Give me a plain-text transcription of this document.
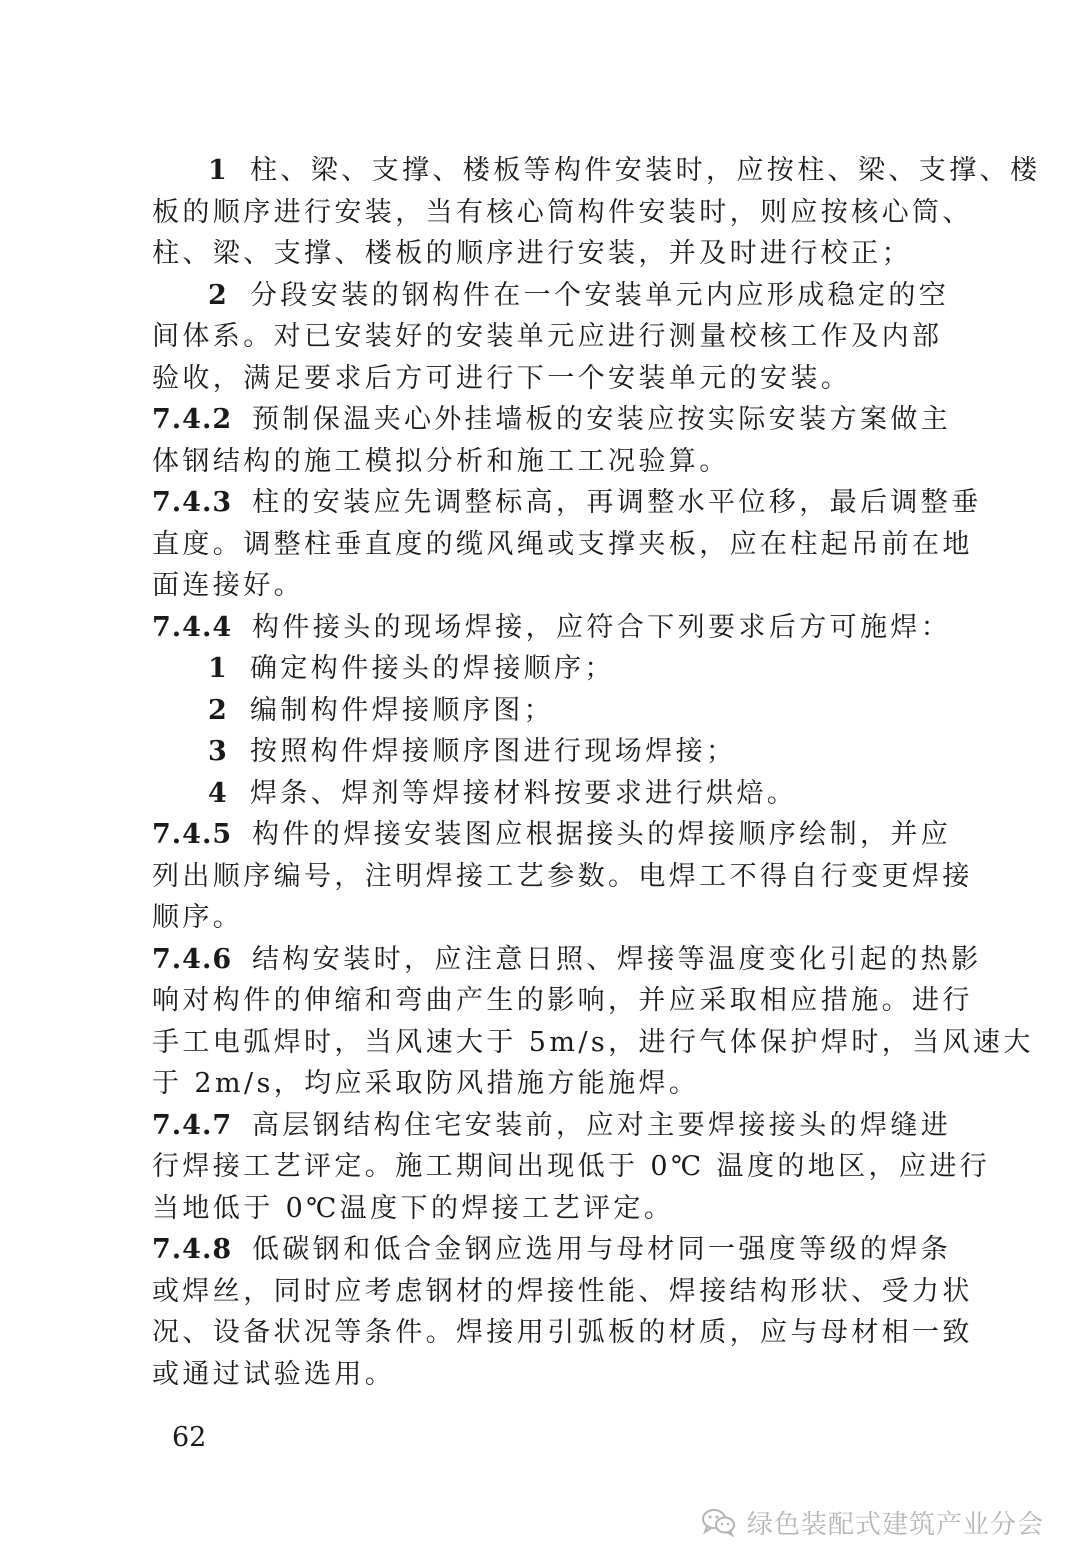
1 柱、梁、支撑、楼板等构件安装时，应按柱、梁、支撑、楼
板的顺序进行安装，当有核心筒构件安装时，则应按核心筒、
柱、梁、支撑、楼板的顺序进行安装，并及时进行校正；
2 分段安装的钢构件在一个安装单元内应形成稳定的空
间体系。对已安装好的安装单元应进行测量校核工作及内部
验收，满足要求后方可进行下一个安装单元的安装。
7.4.2 预制保温夹心外挂墙板的安装应按实际安装方案做主
体钢结构的施工模拟分析和施工工况验算。
7.4.3 柱的安装应先调整标高，再调整水平位移，最后调整垂
直度。调整柱垂直度的缆风绳或支撑夹板，应在柱起吊前在地
面连接好。
7.4.4 构件接头的现场焊接，应符合下列要求后方可施焊：
1 确定构件接头的焊接顺序；
2 编制构件焊接顺序图；
3 按照构件焊接顺序图进行现场焊接；
4 焊条、焊剂等焊接材料按要求进行烘焙。
7.4.5 构件的焊接安装图应根据接头的焊接顺序绘制，并应
列出顺序编号，注明焊接工艺参数。电焊工不得自行变更焊接
顺序。
7.4.6 结构安装时，应注意日照、焊接等温度变化引起的热影
响对构件的伸缩和弯曲产生的影响，并应采取相应措施。进行
手工电弧焊时，当风速大于 5m/s，进行气体保护焊时，当风速大
于 2m/s，均应采取防风措施方能施焊。
7.4.7 高层钢结构住宅安装前，应对主要焊接接头的焊缝进
行焊接工艺评定。施工期间出现低于 0℃ 温度的地区，应进行
当地低于 0℃温度下的焊接工艺评定。
7.4.8 低碳钢和低合金钢应选用与母材同一强度等级的焊条
或焊丝，同时应考虑钢材的焊接性能、焊接结构形状、受力状
况、设备状况等条件。焊接用引弧板的材质，应与母材相一致
或通过试验选用。
62
绿色装配式建筑产业分会
